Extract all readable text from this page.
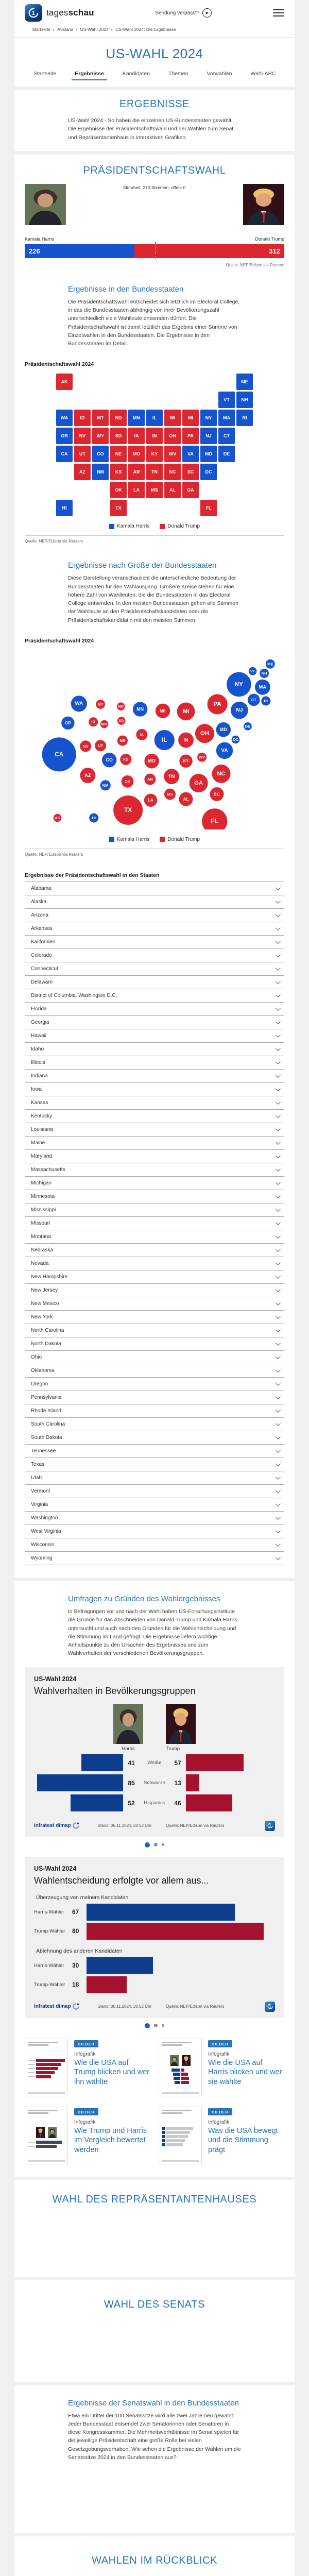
1 tagesschau	Sendung verpasst?	▶
Startseite ▸ Ausland ▸ US-Wahl 2024 ▸ US-Wahl 2024: Die Ergebnisse
US-WAHL 2024
Startseite	Ergebnisse	Kandidaten	Themen	Vorwahlen	Wahl-ABC
ERGEBNISSE

US-Wahl 2024 - So haben die einzelnen US-Bundesstaaten gewählt: Die Ergebnisse der Präsidentschaftswahl und der Wahlen zum Senat und Repräsentantenhaus in interaktiven Grafiken.

PRÄSIDENTSCHAFTSWAHL
Mehrheit: 270 Stimmen, offen: 0
Kamala Harris	Donald Trump
226	312
Quelle: NEP/Edison via Reuters
Ergebnisse in den Bundesstaaten

Die Präsidentschaftswahl entscheidet sich letztlich im Electoral College, in das die Bundesstaaten abhängig von ihrer Bevölkerungszahl unterschiedlich viele Wahlleute entsenden dürfen. Die Präsidentschaftswahl ist damit letztlich das Ergebnis einer Summe von Einzelwahlen in den Bundesstaaten. Die Ergebnisse in den Bundesstaaten im Detail.

Präsidentschaftswahl 2024
AK	ME
VT	NH
WA	ID	MT	ND	MN	IL	WI	MI	NY	MA	RI
OR	NV	WY	SD	IA	IN	OH	PA	NJ	CT
CA	UT	CO	NE	MO	KY	WV	VA	MD	DE
AZ	NM	KS	AR	TN	NC	SC	DC
OK	LA	MS	AL	GA
HI	TX	FL
Kamala Harris	Donald Trump
Quelle: NEP/Edison via Reuters
Ergebnisse nach Größe der Bundesstaaten

Diese Darstellung veranschaulicht die unterschiedliche Bedeutung der Bundesstaaten für den Wahlausgang. Größere Kreise stehen für eine höhere Zahl von Wahlleuten, die die Bundesstaaten in das Electoral College entsenden. In den meisten Bundesstaaten gehen alle Stimmen der Wahlleute an den Präsidentschaftskandidaten oder die Präsidentschaftskandidatin mit den meisten Stimmen.

Präsidentschaftswahl 2024
AK
ME
VT NH
WA
ID
MT	ND
MN
IL
WI	MI
NY	MA
RI
OR
NV
WY
SD
IA
IN
OH
PA
NJ
CT
CA
UT
CO
NE
MO	KY
WV
VA
MD
DE
AZ
NM
KS
AR
TN	NC
SC
DC
OK
LA
MS
AL
GA
HI
TX
FL
Kamala Harris	Donald Trump
Quelle: NEP/Edison via Reuters
Ergebnisse der Präsidentschaftswahl in den Staaten
Alabama
Alaska
Arizona
Arkansas
Kalifornien
Colorado
Connecticut
Delaware
District of Columbia, Washington D.C.
Florida
Georgia
Hawaii
Idaho
Illinois
Indiana
Iowa
Kansas
Kentucky
Louisiana
Maine
Maryland
Massachusetts
Michigan
Minnesota
Mississippi
Missouri
Montana
Nebraska
Nevada
New Hampshire
New Jersey
New Mexico
New York
North Carolina
North Dakota
Ohio
Oklahoma
Oregon
Pennsylvania
Rhode Island
South Carolina
South Dakota
Tennessee
Texas
Utah
Vermont
Virginia
Washington
West Virginia
Wisconsin
Wyoming
Umfragen zu Gründen des Wahlergebnisses

In Befragungen vor und nach der Wahl haben US-Forschungsinstitute die Gründe für das Abschneiden von Donald Trump und Kamala Harris untersucht und auch nach den Gründen für die Wahlentscheidung und die Stimmung im Land gefragt. Die Ergebnisse liefern wichtige Anhaltspunkte zu den Ursachen des Ergebnisses und zum Wahlverhalten der verschiedenen Bevölkerungsgruppen.

US-Wahl 2024
Wahlverhalten in Bevölkerungsgruppen
Harris	Trump
41	Weiße	57
85	Schwarze	13
52	Hispanics	46
infratest dimap	Stand: 06.11.2024, 20:52 Uhr	Quelle: NEP/Edison via Reuters	1
US-Wahl 2024
Wahlentscheidung erfolgte vor allem aus...
Überzeugung von meinem Kandidaten
Harris-Wähler	67
Trump-Wähler	80
Ablehnung des anderen Kandidaten
Harris-Wähler	30
Trump-Wähler	18
infratest dimap	Stand: 06.11.2024, 20:52 Uhr	Quelle: NEP/Edison via Reuters	1
BILDER
Infografik
Wie die USA auf Trump blicken und wer ihn wählte
BILDER
Infografik
Wie die USA auf Harris blicken und wer sie wählte
BILDER
Infografik
Wie Trump und Harris im Vergleich bewertet werden
BILDER
Infografik
Was die USA bewegt und die Stimmung prägt
WAHL DES REPRÄSENTANTENHAUSES
WAHL DES SENATS
Ergebnisse der Senatswahl in den Bundesstaaten

Etwa ein Drittel der 100 Senatssitze wird alle zwei Jahre neu gewählt. Jeder Bundesstaat entsendet zwei Senatorinnen oder Senatoren in diese Kongresskammer. Die Mehrheitsverhältnisse im Senat spielen für die jeweilige Präsidentschaft eine große Rolle bei vielen Gesetzgebungsvorhaben. Wie sehen die Ergebnisse der Wahlen um die Senatssitze 2024 in den Bundesstaaten aus?

WAHLEN IM RÜCKBLICK
